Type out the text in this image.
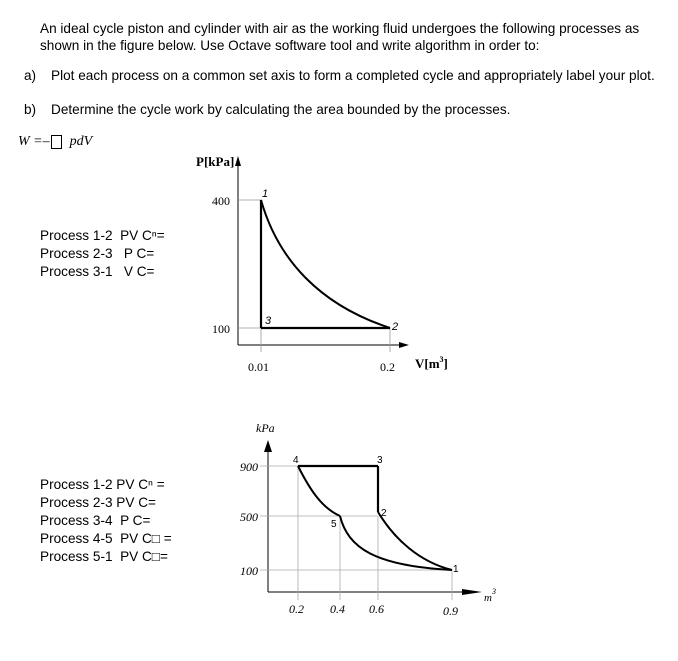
An ideal cycle piston and cylinder with air as the working fluid undergoes the following processes as shown in the figure below. Use Octave software tool and write algorithm in order to:

a)	Plot each process on a common set axis to form a completed cycle and appropriately label your plot.
b)	Determine the cycle work by calculating the area bounded by the processes.
W =– pdV
Process 1-2  PV Cⁿ=
Process 2-3   P C=
Process 3-1   V C=
Process 1-2 PV Cⁿ =
Process 2-3 PV C=
Process 3-4  P C=
Process 4-5  PV C□ =
Process 5-1  PV C□=
P[kPa]
400
100
0.01	0.2 $V[m^3]$
1
2
3
kPa
900
500
100
0.2 0.4 0.6	0.9
$m^3$
1
2
3
4
5
